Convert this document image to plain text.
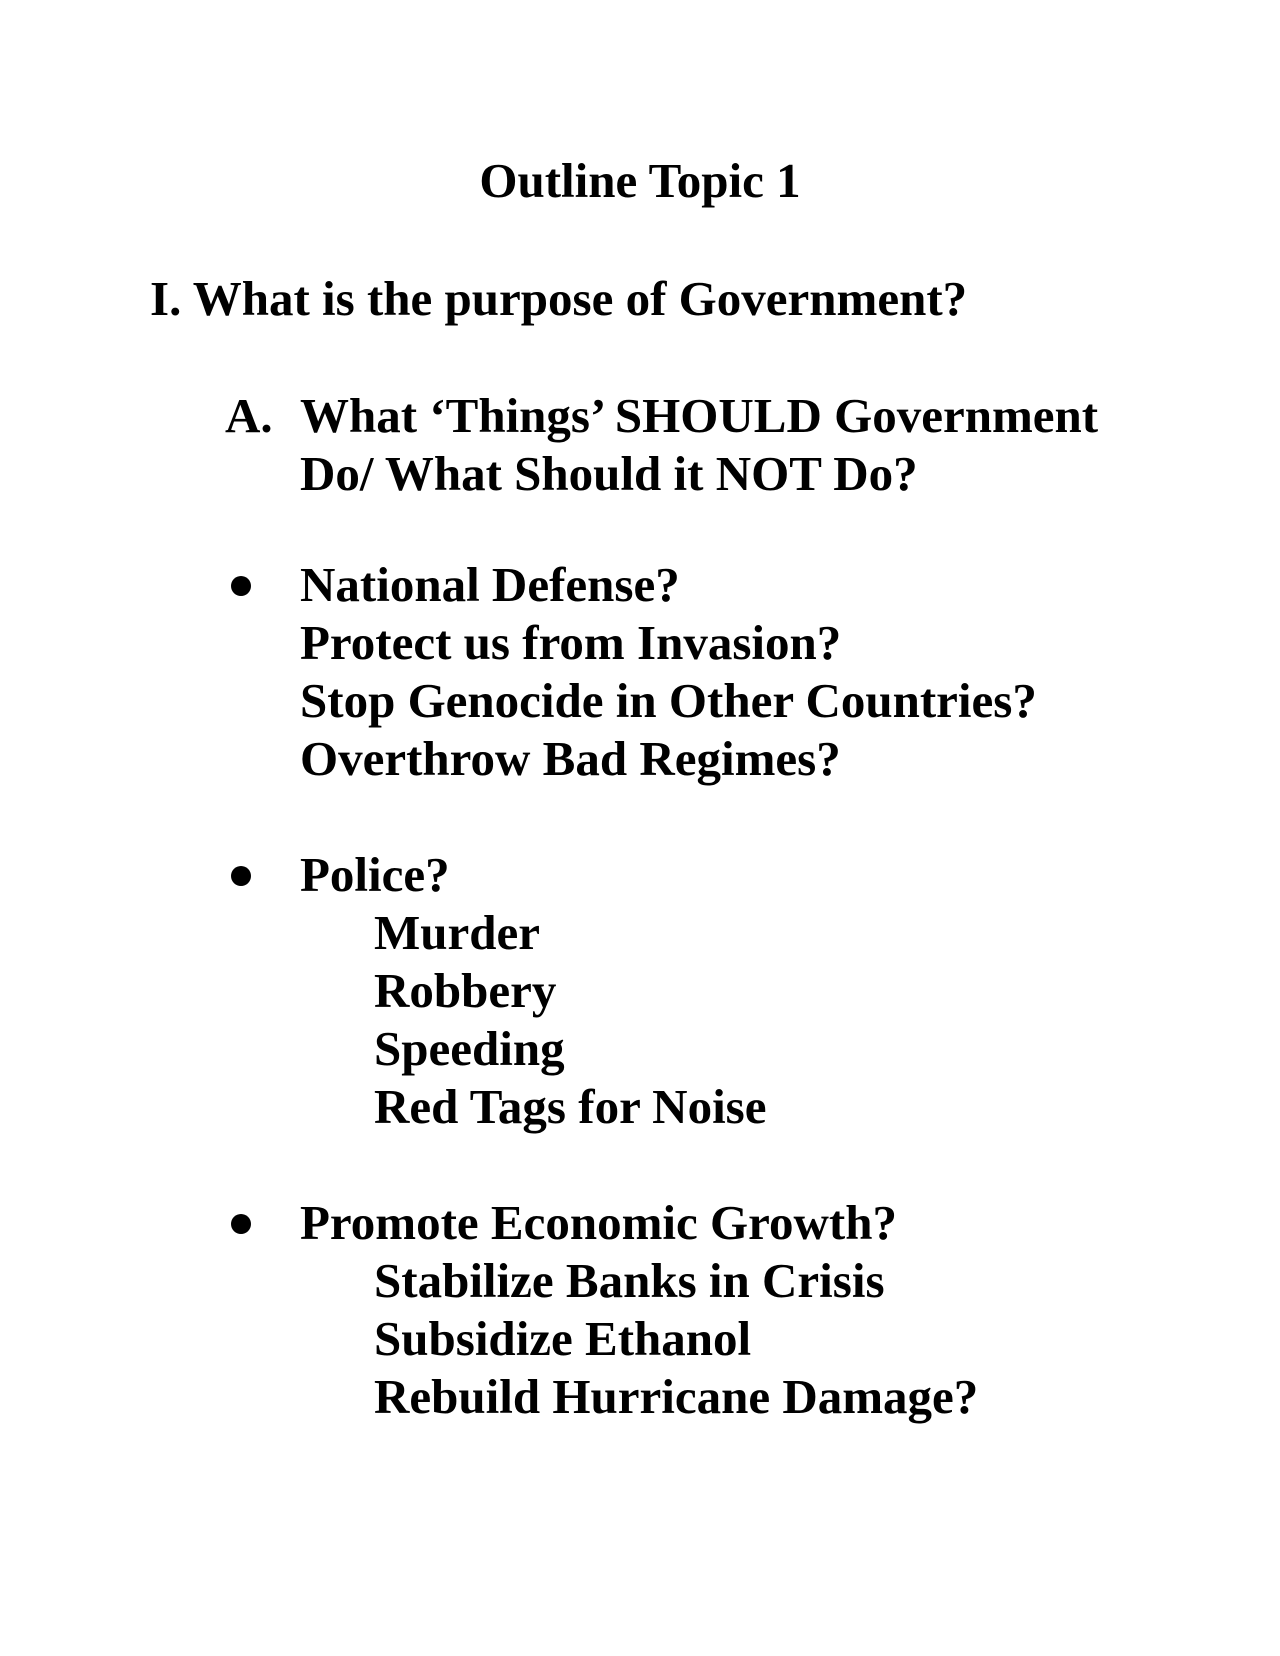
Outline Topic 1
I. What is the purpose of Government?
A. What ‘Things’ SHOULD Government
Do/ What Should it NOT Do?
National Defense?
Protect us from Invasion?
Stop Genocide in Other Countries?
Overthrow Bad Regimes?
Police?
Murder
Robbery
Speeding
Red Tags for Noise
Promote Economic Growth?
Stabilize Banks in Crisis
Subsidize Ethanol
Rebuild Hurricane Damage?
